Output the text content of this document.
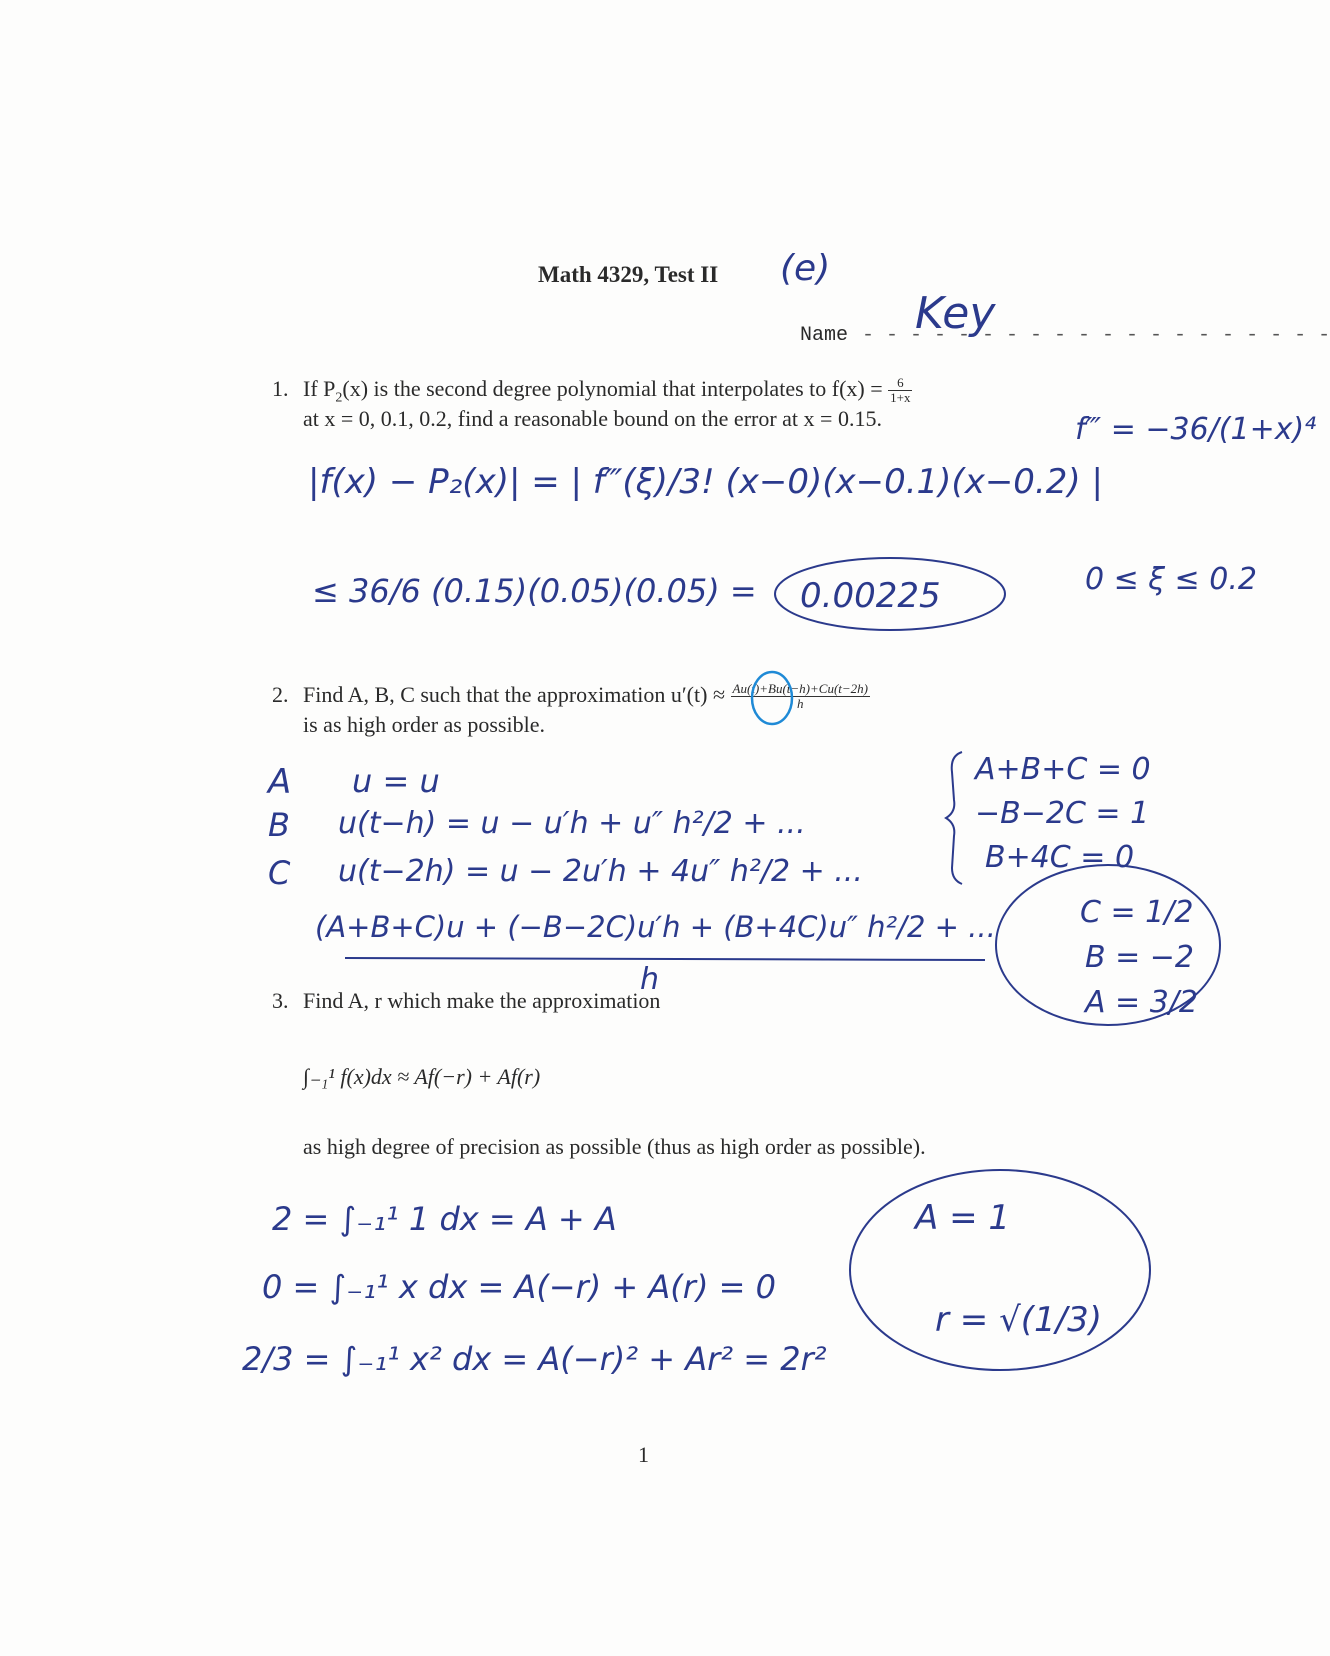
Math 4329, Test II (e)
Name - - - - - - - - - - - - - - - - - - - -
Key
1. If $P_2(x)$ is the second degree polynomial that interpolates to $f(x) = \frac{6}{1+x}$
at x = 0, 0.1, 0.2, find a reasonable bound on the error at x = 0.15.	f‴ = −36/(1+x)⁴
|f(x) − P₂(x)| = | f‴(ξ)/3! (x−0)(x−0.1)(x−0.2) |
≤ 36/6 (0.15)(0.05)(0.05) = 0.00225	0 ≤ ξ ≤ 0.2
2. Find A, B, C such that the approximation $u'(t) \approx \frac{Au(t)+Bu(t-h)+Cu(t-2h)}{h}$
is as high order as possible.
A u = u
B u(t−h) = u − u′h + u″ h²/2 + ...
C u(t−2h) = u − 2u′h + 4u″ h²/2 + ...
(A+B+C)u + (−B−2C)u′h + (B+4C)u″ h²/2 + ...
h
A+B+C = 0
−B−2C = 1
B+4C = 0
C = 1/2
B = −2
A = 3/2
3. Find A, r which make the approximation
∫₋₁¹ f(x)dx ≈ Af(−r) + Af(r)
as high degree of precision as possible (thus as high order as possible).
2 = ∫₋₁¹ 1 dx = A + A
0 = ∫₋₁¹ x dx = A(−r) + A(r) = 0
2/3 = ∫₋₁¹ x² dx = A(−r)² + Ar² = 2r²
A = 1
r = √(1/3)
1
